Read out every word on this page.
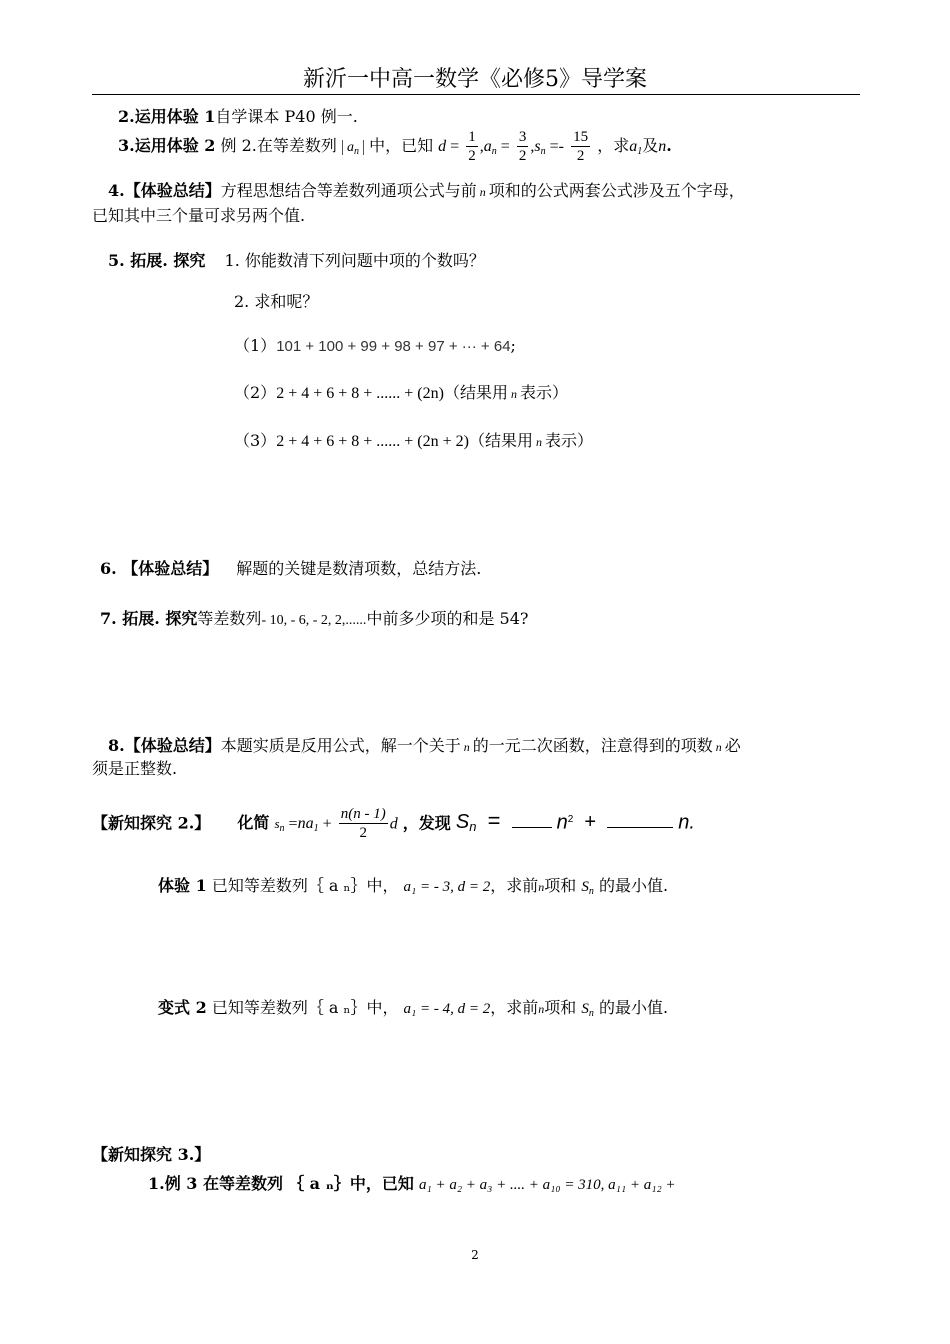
新沂一中高一数学《必修5》导学案
2.运用体验 1自学课本 P40 例一.
3.运用体验 2 例 2.在等差数列 $a_n$ 中，已知 $d = \frac{1}{2} ,a_n = \frac{3}{2} ,s_n =- \frac{15}{2}$ ，求$a_1$及n.
4.【体验总结】方程思想结合等差数列通项公式与前 n 项和的公式两套公式涉及五个字母，
已知其中三个量可求另两个值.
5. 拓展. 探究 1. 你能数清下列问题中项的个数吗？
2. 求和呢？
（1）101 + 100 + 99 + 98 + 97 + ··· + 64;
（2）2 + 4 + 6 + 8 + ...... + (2n)（结果用 n 表示）
（3）2 + 4 + 6 + 8 + ...... + (2n + 2)（结果用 n 表示）
6. 【体验总结】 解题的关键是数清项数，总结方法.
7. 拓展. 探究等差数列- 10, - 6, - 2, 2,......中前多少项的和是 54?
8.【体验总结】本题实质是反用公式，解一个关于 n 的一元二次函数，注意得到的项数 n 必
须是正整数.
【新知探究 2.】 化简 $s_n =na_1 + \frac{n(n - 1)}{2}$ d ，发现 $S_n$ =	$n^2$ +	n.
体验 1 已知等差数列｛ a ₙ｝中， a₁ = - 3, d = 2，求前n项和 $S_n$ 的最小值.
变式 2 已知等差数列｛ a ₙ｝中， a₁ = - 4, d = 2，求前n项和 $S_n$ 的最小值.
【新知探究 3.】
1.例 3 在等差数列 ｛ a ₙ｝中，已知 a₁ + a₂ + a₃ + .... + a₁₀ = 310, a₁₁ + a₁₂ +
2
